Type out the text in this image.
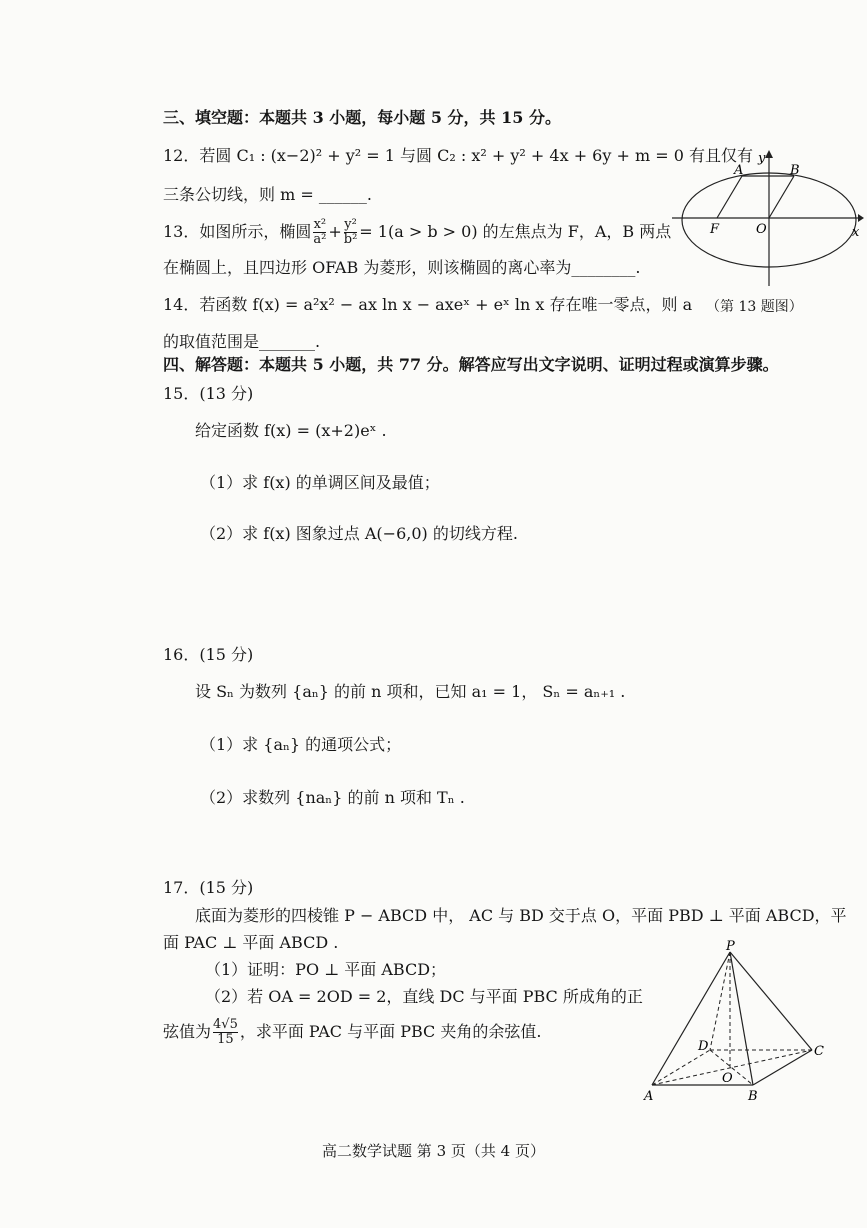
三、填空题：本题共 3 小题，每小题 5 分，共 15 分。
12．若圆 C₁ : (x−2)² + y² = 1 与圆 C₂ : x² + y² + 4x + 6y + m = 0 有且仅有
三条公切线，则 m = ______.
13．如图所示，椭圆 $\frac{\text{x²}}{\text{a²}} + \frac{\text{y²}}{\text{b²}} = 1(a > b > 0)$ 的左焦点为 F，A，B 两点
在椭圆上，且四边形 OFAB 为菱形，则该椭圆的离心率为________.
14．若函数 f(x) = a²x² − ax ln x − axeˣ + eˣ ln x 存在唯一零点，则 a
的取值范围是_______.
A	B
F	O	x
y
（第 13 题图）
四、解答题：本题共 5 小题，共 77 分。解答应写出文字说明、证明过程或演算步骤。
15．(13 分)
给定函数 f(x) = (x+2)eˣ .
（1）求 f(x) 的单调区间及最值；
（2）求 f(x) 图象过点 A(−6,0) 的切线方程.
16．(15 分)
设 Sₙ 为数列 {aₙ} 的前 n 项和，已知 a₁ = 1， Sₙ = aₙ₊₁ .
（1）求 {aₙ} 的通项公式；
（2）求数列 {naₙ} 的前 n 项和 Tₙ .
17．(15 分)
底面为菱形的四棱锥 P − ABCD 中， AC 与 BD 交于点 O，平面 PBD ⊥ 平面 ABCD，平
面 PAC ⊥ 平面 ABCD .
（1）证明：PO ⊥ 平面 ABCD；
（2）若 OA = 2OD = 2，直线 DC 与平面 PBC 所成角的正
弦值为 $\frac{4√5}{15}$ ，求平面 PAC 与平面 PBC 夹角的余弦值.
P
A	B
C
D
O
高二数学试题 第 3 页（共 4 页）
